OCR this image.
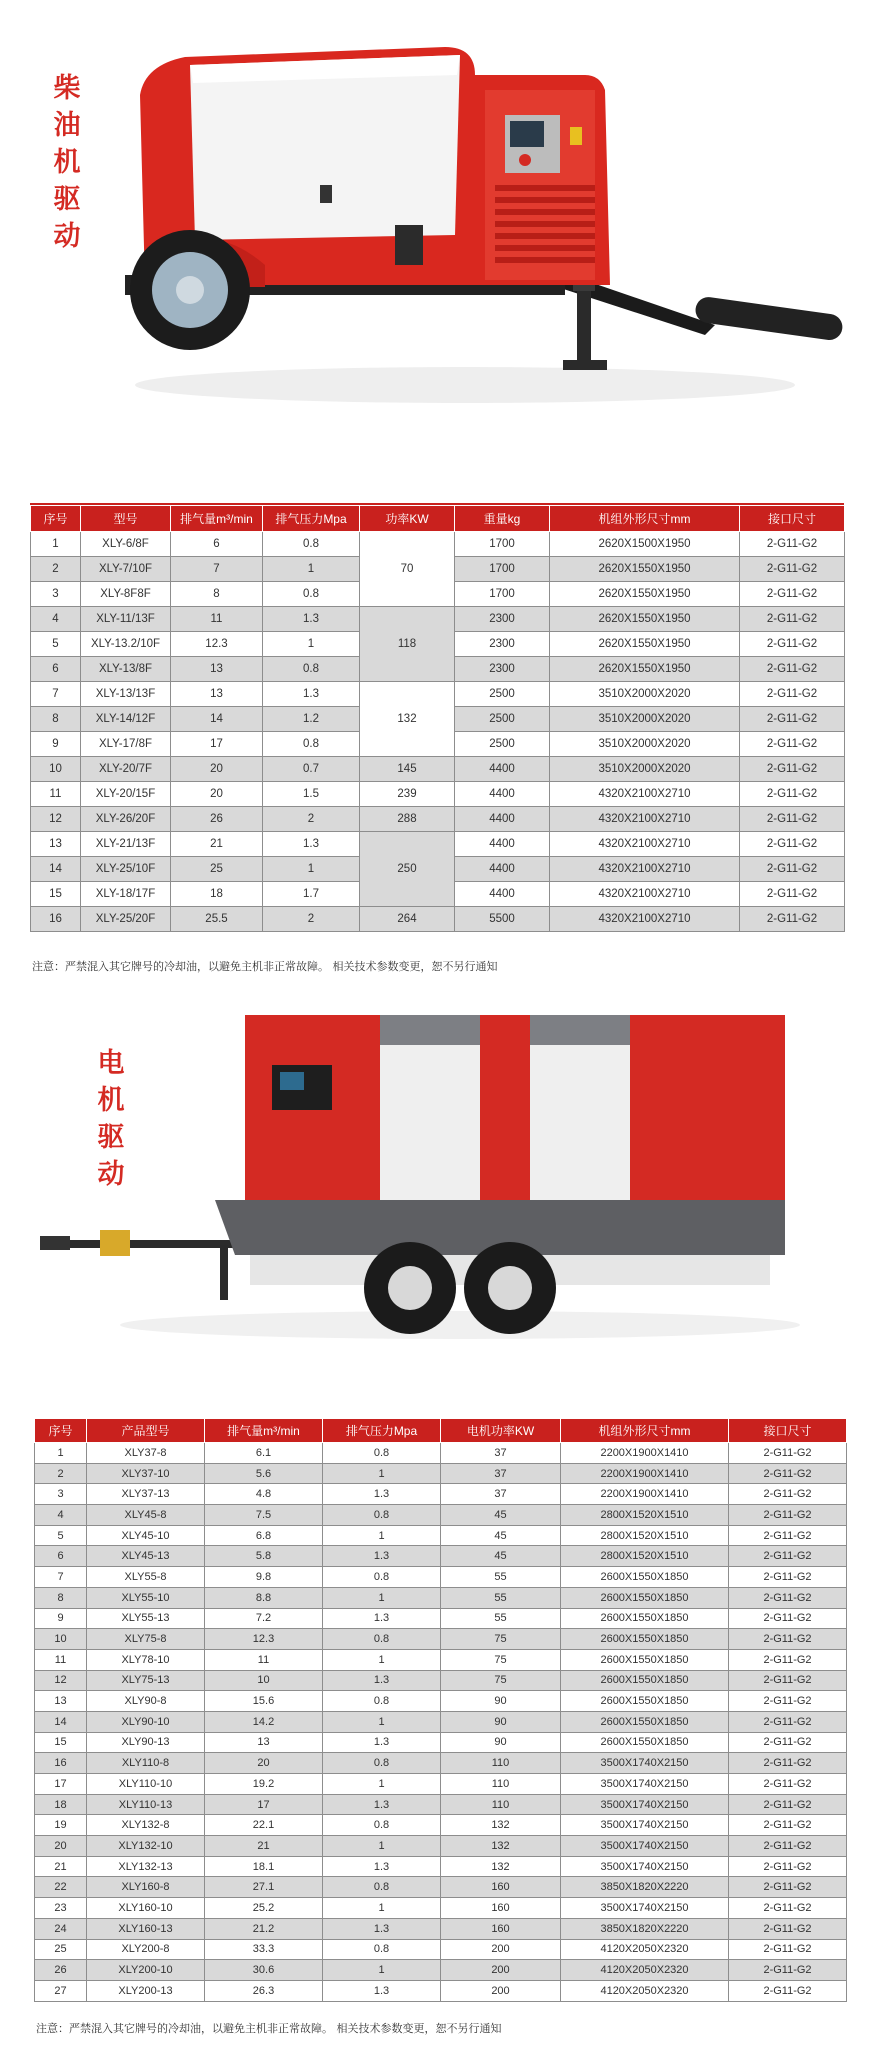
柴
油
机
驱
动
序号	型号	排气量m³/min	排气压力Mpa	功率KW	重量kg	机组外形尺寸mm	接口尺寸
1	XLY-6/8F	6	0.8	70	1700	2620X1500X1950	2-G11-G2
2	XLY-7/10F	7	1		1700	2620X1550X1950	2-G11-G2
3	XLY-8F8F	8	0.8		1700	2620X1550X1950	2-G11-G2
4	XLY-11/13F	11	1.3	118	2300	2620X1550X1950	2-G11-G2
5	XLY-13.2/10F	12.3	1		2300	2620X1550X1950	2-G11-G2
6	XLY-13/8F	13	0.8		2300	2620X1550X1950	2-G11-G2
7	XLY-13/13F	13	1.3	132	2500	3510X2000X2020	2-G11-G2
8	XLY-14/12F	14	1.2		2500	3510X2000X2020	2-G11-G2
9	XLY-17/8F	17	0.8		2500	3510X2000X2020	2-G11-G2
10	XLY-20/7F	20	0.7	145	4400	3510X2000X2020	2-G11-G2
11	XLY-20/15F	20	1.5	239	4400	4320X2100X2710	2-G11-G2
12	XLY-26/20F	26	2	288	4400	4320X2100X2710	2-G11-G2
13	XLY-21/13F	21	1.3	250	4400	4320X2100X2710	2-G11-G2
14	XLY-25/10F	25	1		4400	4320X2100X2710	2-G11-G2
15	XLY-18/17F	18	1.7		4400	4320X2100X2710	2-G11-G2
16	XLY-25/20F	25.5	2	264	5500	4320X2100X2710	2-G11-G2
注意：严禁混入其它牌号的冷却油，以避免主机非正常故障。 相关技术参数变更，恕不另行通知
电
机
驱
动
序号	产品型号	排气量m³/min	排气压力Mpa	电机功率KW	机组外形尺寸mm	接口尺寸
1	XLY37-8	6.1	0.8	37	2200X1900X1410	2-G11-G2
2	XLY37-10	5.6	1	37	2200X1900X1410	2-G11-G2
3	XLY37-13	4.8	1.3	37	2200X1900X1410	2-G11-G2
4	XLY45-8	7.5	0.8	45	2800X1520X1510	2-G11-G2
5	XLY45-10	6.8	1	45	2800X1520X1510	2-G11-G2
6	XLY45-13	5.8	1.3	45	2800X1520X1510	2-G11-G2
7	XLY55-8	9.8	0.8	55	2600X1550X1850	2-G11-G2
8	XLY55-10	8.8	1	55	2600X1550X1850	2-G11-G2
9	XLY55-13	7.2	1.3	55	2600X1550X1850	2-G11-G2
10	XLY75-8	12.3	0.8	75	2600X1550X1850	2-G11-G2
11	XLY78-10	11	1	75	2600X1550X1850	2-G11-G2
12	XLY75-13	10	1.3	75	2600X1550X1850	2-G11-G2
13	XLY90-8	15.6	0.8	90	2600X1550X1850	2-G11-G2
14	XLY90-10	14.2	1	90	2600X1550X1850	2-G11-G2
15	XLY90-13	13	1.3	90	2600X1550X1850	2-G11-G2
16	XLY110-8	20	0.8	110	3500X1740X2150	2-G11-G2
17	XLY110-10	19.2	1	110	3500X1740X2150	2-G11-G2
18	XLY110-13	17	1.3	110	3500X1740X2150	2-G11-G2
19	XLY132-8	22.1	0.8	132	3500X1740X2150	2-G11-G2
20	XLY132-10	21	1	132	3500X1740X2150	2-G11-G2
21	XLY132-13	18.1	1.3	132	3500X1740X2150	2-G11-G2
22	XLY160-8	27.1	0.8	160	3850X1820X2220	2-G11-G2
23	XLY160-10	25.2	1	160	3500X1740X2150	2-G11-G2
24	XLY160-13	21.2	1.3	160	3850X1820X2220	2-G11-G2
25	XLY200-8	33.3	0.8	200	4120X2050X2320	2-G11-G2
26	XLY200-10	30.6	1	200	4120X2050X2320	2-G11-G2
27	XLY200-13	26.3	1.3	200	4120X2050X2320	2-G11-G2
注意：严禁混入其它牌号的冷却油，以避免主机非正常故障。 相关技术参数变更，恕不另行通知
